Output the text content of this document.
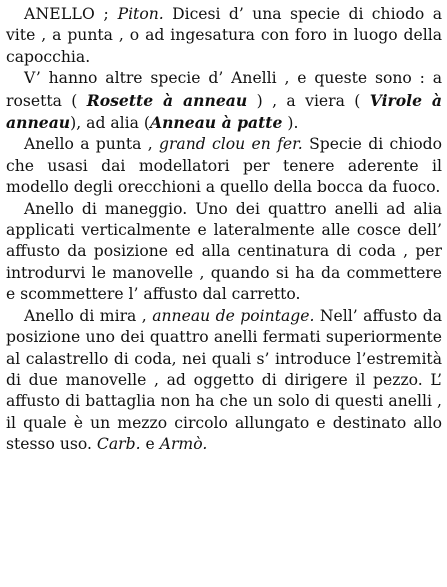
ANELLO ; Piton. Dicesi d’ una specie di chiodo a vite , a punta , o ad ingesatura con foro in luogo della capocchia.

V’ hanno altre specie d’ Anelli , e queste sono : a rosetta ( Rosette à anneau ) , a viera ( Virole à anneau), ad alia (Anneau à patte ).

Anello a punta , grand clou en fer. Specie di chiodo che usasi dai modellatori per tenere aderente il modello degli orecchioni a quello della bocca da fuoco.

Anello di maneggio. Uno dei quattro anelli ad alia applicati verticalmente e lateralmente alle cosce dell’ affusto da posizione ed alla centinatura di coda , per introdurvi le manovelle , quando si ha da commettere e scommettere l’ affusto dal carretto.

Anello di mira , anneau de pointage. Nell’ affusto da posizione uno dei quattro anelli fermati superiormente al calastrello di coda, nei quali s’ introduce l’estremità di due manovelle , ad oggetto di dirigere il pezzo. L’ affusto di battaglia non ha che un solo di questi anelli , il quale è un mezzo circolo allungato e destinato allo stesso uso. Carb. e Armò.
